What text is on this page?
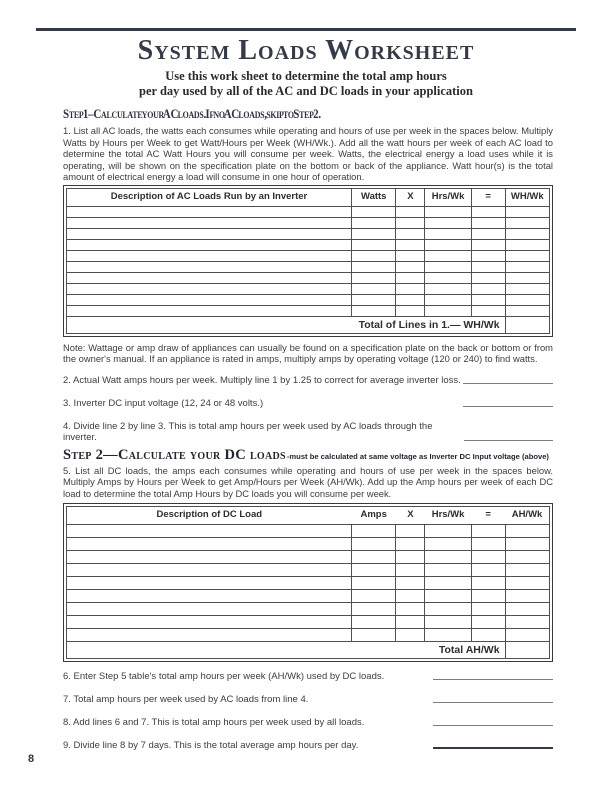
System Loads Worksheet
Use this work sheet to determine the total amp hours
per day used by all of the AC and DC loads in your application
Step 1–Calculate your AC loads. If no AC loads, skip to Step 2.
1. List all AC loads, the watts each consumes while operating and hours of use per week in the spaces below. Multiply Watts by Hours per Week to get Watt/Hours per Week (WH/Wk.). Add all the watt hours per week of each AC load to determine the total AC Watt Hours you will consume per week. Watts, the electrical energy a load uses while it is operating, will be shown on the specification plate on the bottom or back of the appliance. Watt hour(s) is the total amount of electrical energy a load will consume in one hour of operation.
Description of AC Loads Run by an Inverter	Watts	X	Hrs/Wk	=	WH/Wk

Total of Lines in 1.— WH/Wk					
Note: Wattage or amp draw of appliances can usually be found on a specification plate on the back or bottom or from the owner's manual. If an appliance is rated in amps, multiply amps by operating voltage (120 or 240) to find watts.
2. Actual Watt amps hours per week. Multiply line 1 by 1.25 to correct for average inverter loss.
3. Inverter DC input voltage (12, 24 or 48 volts.)
4. Divide line 2 by line 3. This is total amp hours per week used by AC loads through the inverter.
Step 2—Calculate your DC loads -must be calculated at same voltage as Inverter DC Input voltage (above)
5. List all DC loads, the amps each consumes while operating and hours of use per week in the spaces below. Multiply Amps by Hours per Week to get Amp/Hours per Week (AH/Wk). Add up the Amp hours per week of each DC load to determine the total Amp Hours by DC loads you will consume per week.
Description of DC Load	Amps	X	Hrs/Wk	=	AH/Wk

Total AH/Wk					
6. Enter Step 5 table's total amp hours per week (AH/Wk) used by DC loads.
7. Total amp hours per week used by AC loads from line 4.
8. Add lines 6 and 7. This is total amp hours per week used by all loads.
9. Divide line 8 by 7 days. This is the total average amp hours per day.
8
